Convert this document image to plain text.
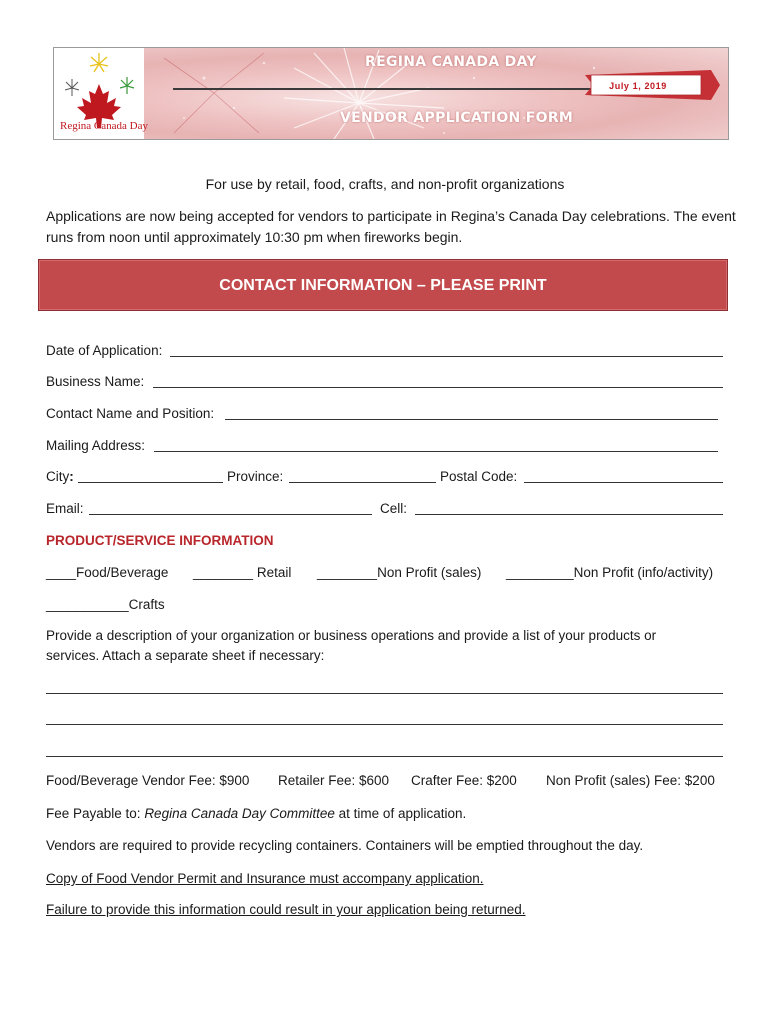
REGINA CANADA DAY
VENDOR APPLICATION FORM
July 1, 2019
Regina Canada Day
For use by retail, food, crafts, and non-profit organizations
Applications are now being accepted for vendors to participate in Regina’s Canada Day celebrations. The event runs from noon until approximately 10:30 pm when fireworks begin.
CONTACT INFORMATION – PLEASE PRINT
Date of Application:
Business Name:
Contact Name and Position:
Mailing Address:
City:	Province:	Postal Code:
Email:	Cell:
PRODUCT/SERVICE INFORMATION
____Food/Beverage ________ Retail ________Non Profit (sales) _________Non Profit (info/activity)
___________Crafts
Provide a description of your organization or business operations and provide a list of your products or
services. Attach a separate sheet if necessary:
Food/Beverage Vendor Fee: $900 Retailer Fee: $600 Crafter Fee: $200 Non Profit (sales) Fee: $200
Fee Payable to: Regina Canada Day Committee at time of application.
Vendors are required to provide recycling containers. Containers will be emptied throughout the day.
Copy of Food Vendor Permit and Insurance must accompany application.
Failure to provide this information could result in your application being returned.
